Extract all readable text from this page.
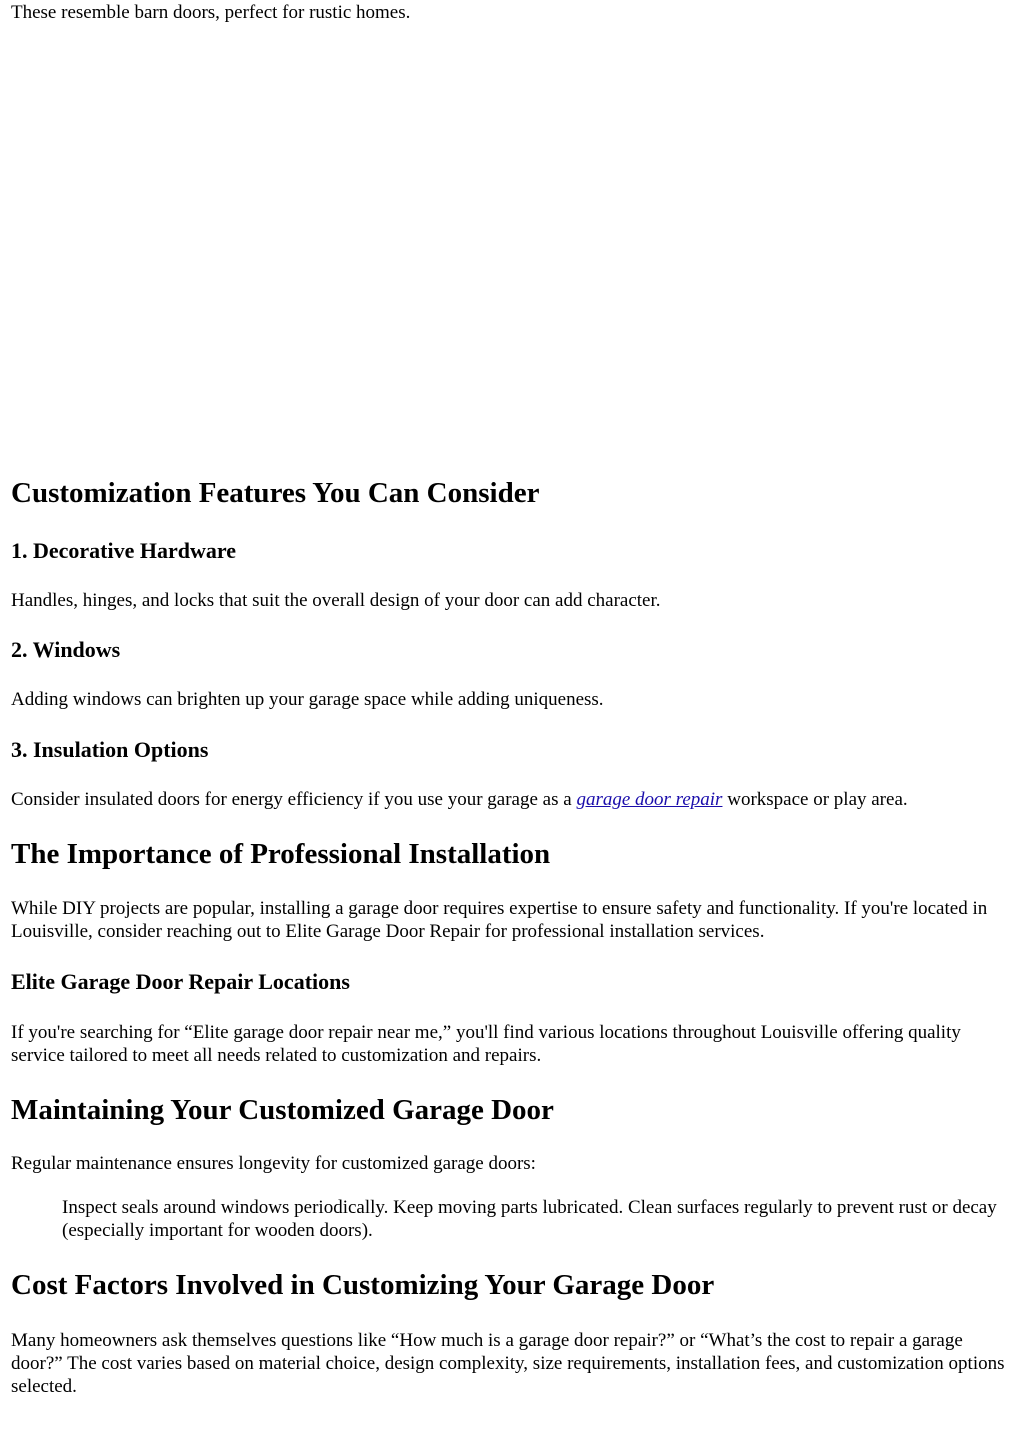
These resemble barn doors, perfect for rustic homes.

Customization Features You Can Consider
1. Decorative Hardware

Handles, hinges, and locks that suit the overall design of your door can add character.

2. Windows

Adding windows can brighten up your garage space while adding uniqueness.

3. Insulation Options

Consider insulated doors for energy efficiency if you use your garage as a garage door repair workspace or play area.

The Importance of Professional Installation

While DIY projects are popular, installing a garage door requires expertise to ensure safety and functionality. If you're located in Louisville, consider reaching out to Elite Garage Door Repair for professional installation services.

Elite Garage Door Repair Locations

If you're searching for “Elite garage door repair near me,” you'll find various locations throughout Louisville offering quality service tailored to meet all needs related to customization and repairs.

Maintaining Your Customized Garage Door

Regular maintenance ensures longevity for customized garage doors:

Inspect seals around windows periodically. Keep moving parts lubricated. Clean surfaces regularly to prevent rust or decay (especially important for wooden doors).
Cost Factors Involved in Customizing Your Garage Door

Many homeowners ask themselves questions like “How much is a garage door repair?” or “What’s the cost to repair a garage door?” The cost varies based on material choice, design complexity, size requirements, installation fees, and customization options selected.
